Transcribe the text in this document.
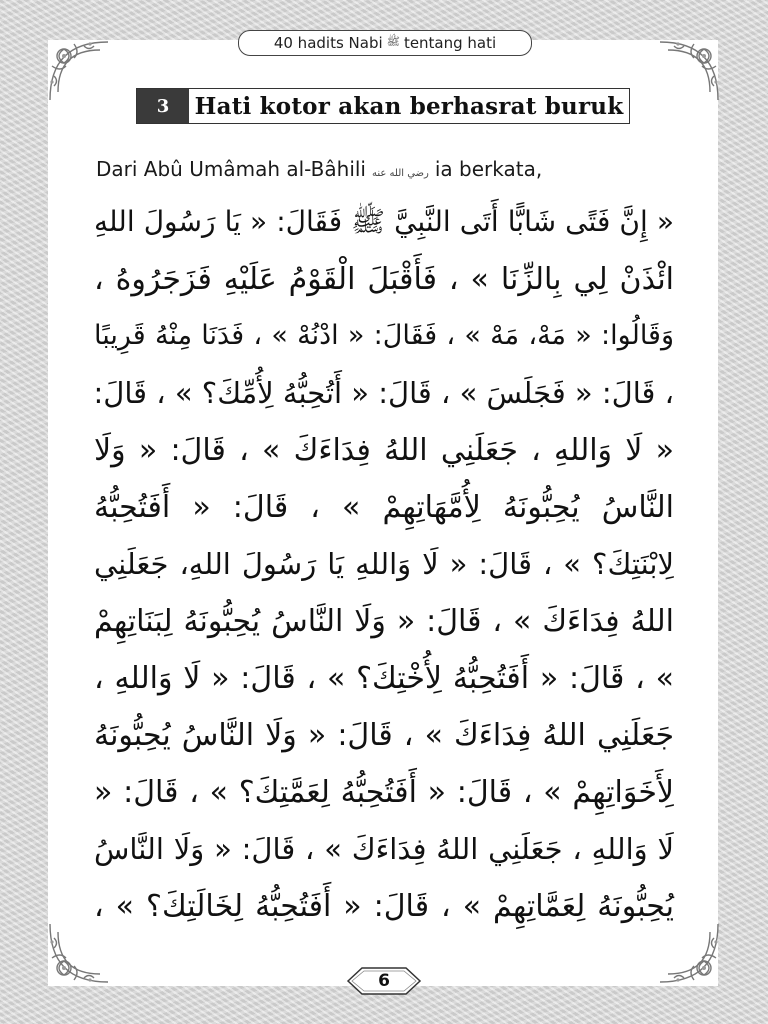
40 hadits Nabi ﷺ tentang hati
3	Hati kotor akan berhasrat buruk
Dari Abû Umâmah al-Bâhili رضي الله عنه ia berkata,
« إِنَّ فَتًى شَابًّا أَتَى النَّبِيَّ ﷺ فَقَالَ: « يَا رَسُولَ اللهِ
ائْذَنْ لِي بِالزِّنَا » ، فَأَقْبَلَ الْقَوْمُ عَلَيْهِ فَزَجَرُوهُ ،
وَقَالُوا: « مَهْ، مَهْ » ، فَقَالَ: « ادْنُهْ » ، فَدَنَا مِنْهُ قَرِيبًا
، قَالَ: « فَجَلَسَ » ، قَالَ: « أَتُحِبُّهُ لِأُمِّكَ؟ » ، قَالَ:
« لَا وَاللهِ ، جَعَلَنِي اللهُ فِدَاءَكَ » ، قَالَ: « وَلَا
النَّاسُ يُحِبُّونَهُ لِأُمَّهَاتِهِمْ » ، قَالَ: « أَفَتُحِبُّهُ
لِابْنَتِكَ؟ » ، قَالَ: « لَا وَاللهِ يَا رَسُولَ اللهِ، جَعَلَنِي
اللهُ فِدَاءَكَ » ، قَالَ: « وَلَا النَّاسُ يُحِبُّونَهُ لِبَنَاتِهِمْ
» ، قَالَ: « أَفَتُحِبُّهُ لِأُخْتِكَ؟ » ، قَالَ: « لَا وَاللهِ ،
جَعَلَنِي اللهُ فِدَاءَكَ » ، قَالَ: « وَلَا النَّاسُ يُحِبُّونَهُ
لِأَخَوَاتِهِمْ » ، قَالَ: « أَفَتُحِبُّهُ لِعَمَّتِكَ؟ » ، قَالَ: «
لَا وَاللهِ ، جَعَلَنِي اللهُ فِدَاءَكَ » ، قَالَ: « وَلَا النَّاسُ
يُحِبُّونَهُ لِعَمَّاتِهِمْ » ، قَالَ: « أَفَتُحِبُّهُ لِخَالَتِكَ؟ » ،
6
